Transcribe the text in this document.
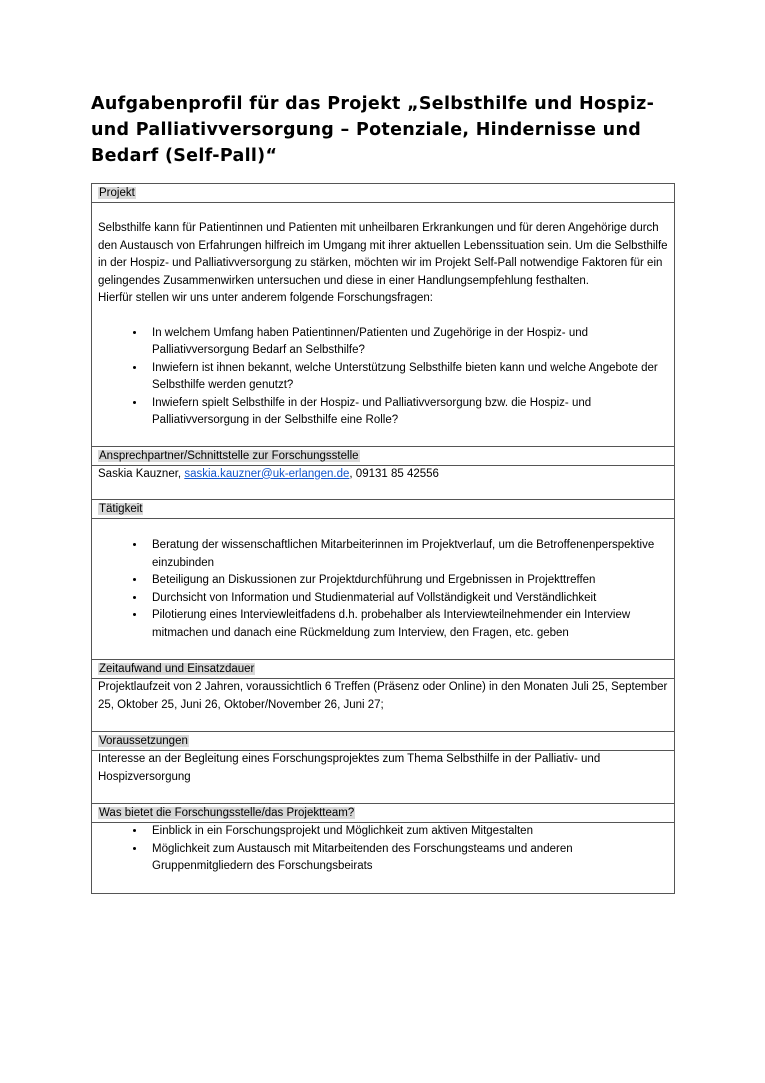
Aufgabenprofil für das Projekt „Selbsthilfe und Hospiz- und Palliativversorgung – Potenziale, Hindernisse und Bedarf (Self-Pall)“
Projekt
Selbsthilfe kann für Patientinnen und Patienten mit unheilbaren Erkrankungen und für deren Angehörige durch den Austausch von Erfahrungen hilfreich im Umgang mit ihrer aktuellen Lebenssituation sein. Um die Selbsthilfe in der Hospiz- und Palliativversorgung zu stärken, möchten wir im Projekt Self-Pall notwendige Faktoren für ein gelingendes Zusammenwirken untersuchen und diese in einer Handlungsempfehlung festhalten.
Hierfür stellen wir uns unter anderem folgende Forschungsfragen:
• In welchem Umfang haben Patientinnen/Patienten und Zugehörige in der Hospiz- und Palliativversorgung Bedarf an Selbsthilfe?
• Inwiefern ist ihnen bekannt, welche Unterstützung Selbsthilfe bieten kann und welche Angebote der Selbsthilfe werden genutzt?
• Inwiefern spielt Selbsthilfe in der Hospiz- und Palliativversorgung bzw. die Hospiz- und Palliativversorgung in der Selbsthilfe eine Rolle?
Ansprechpartner/Schnittstelle zur Forschungsstelle
Saskia Kauzner, saskia.kauzner@uk-erlangen.de, 09131 85 42556
Tätigkeit
• Beratung der wissenschaftlichen Mitarbeiterinnen im Projektverlauf, um die Betroffenenperspektive einzubinden
• Beteiligung an Diskussionen zur Projektdurchführung und Ergebnissen in Projekttreffen
• Durchsicht von Information und Studienmaterial auf Vollständigkeit und Verständlichkeit
• Pilotierung eines Interviewleitfadens d.h. probehalber als Interviewteilnehmender ein Interview mitmachen und danach eine Rückmeldung zum Interview, den Fragen, etc. geben
Zeitaufwand und Einsatzdauer
Projektlaufzeit von 2 Jahren, voraussichtlich 6 Treffen (Präsenz oder Online) in den Monaten Juli 25, September 25, Oktober 25, Juni 26, Oktober/November 26, Juni 27;
Voraussetzungen
Interesse an der Begleitung eines Forschungsprojektes zum Thema Selbsthilfe in der Palliativ- und Hospizversorgung
Was bietet die Forschungsstelle/das Projektteam?
• Einblick in ein Forschungsprojekt und Möglichkeit zum aktiven Mitgestalten
• Möglichkeit zum Austausch mit Mitarbeitenden des Forschungsteams und anderen Gruppenmitgliedern des Forschungsbeirats
